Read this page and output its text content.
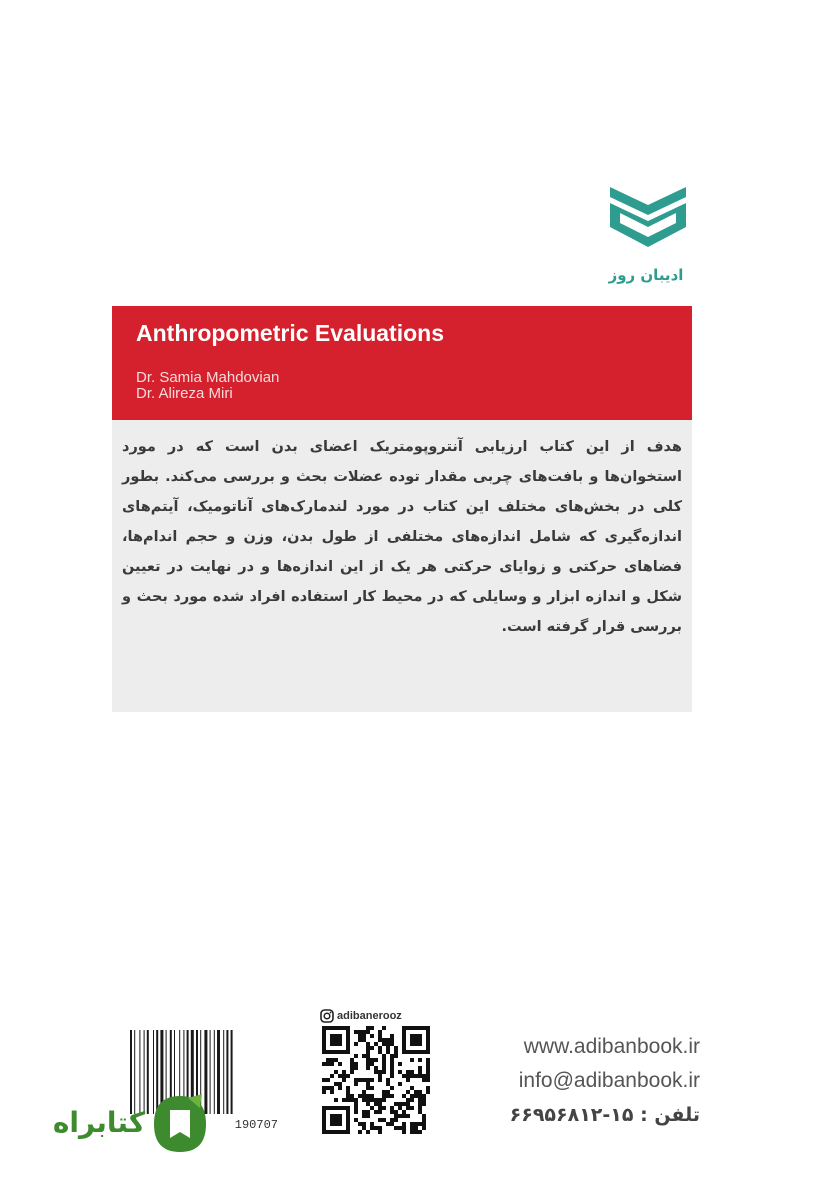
ادیبان روز
Anthropometric Evaluations
Dr. Samia Mahdovian
Dr. Alireza Miri
هدف از این کتاب ارزیابی آنتروپومتریک اعضای بدن است که در مورد استخوان‌ها و بافت‌های چربی مقدار توده عضلات بحث و بررسی می‌کند. بطور کلی در بخش‌های مختلف این کتاب در مورد لندمارک‌های آناتومیک، آیتم‌های اندازه‌گیری که شامل اندازه‌های مختلفی از طول بدن، وزن و حجم اندام‌ها، فضاهای حرکتی و زوایای حرکتی هر یک از این اندازه‌ها و در نهایت در تعیین شکل و اندازه ابزار و وسایلی که در محیط کار استفاده افراد شده مورد بحث و بررسی قرار گرفته است.
190707
کتابراه
adibanerooz
www.adibanbook.ir
info@adibanbook.ir
تلفن : ۱۵-۶۶۹۵۶۸۱۲
